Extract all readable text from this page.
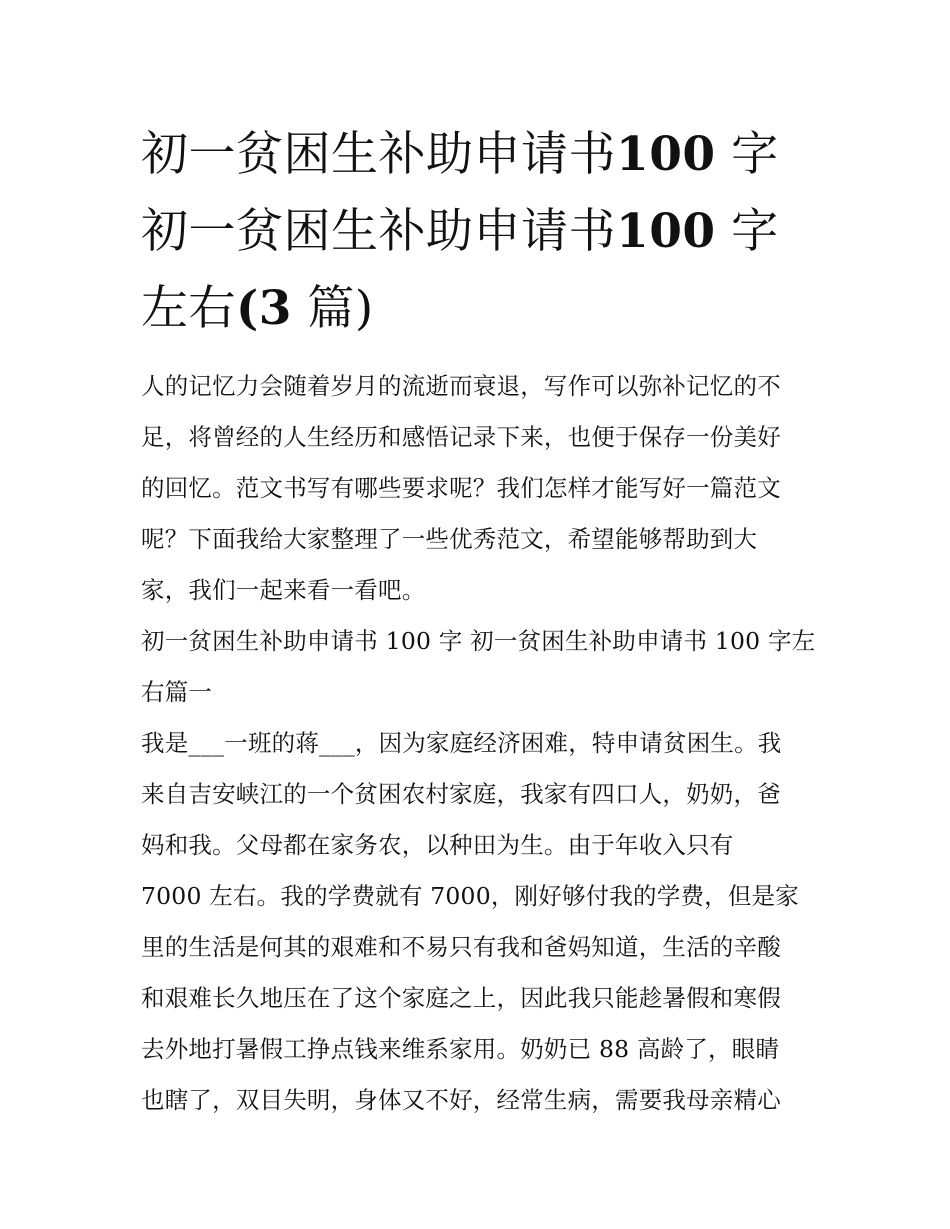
初一贫困生补助申请书100 字
初一贫困生补助申请书100 字
左右(3 篇)

人的记忆力会随着岁月的流逝而衰退，写作可以弥补记忆的不
足，将曾经的人生经历和感悟记录下来，也便于保存一份美好
的回忆。范文书写有哪些要求呢？我们怎样才能写好一篇范文
呢？下面我给大家整理了一些优秀范文，希望能够帮助到大
家，我们一起来看一看吧。

初一贫困生补助申请书 100 字 初一贫困生补助申请书 100 字左
右篇一

我是___一班的蒋___，因为家庭经济困难，特申请贫困生。我
来自吉安峡江的一个贫困农村家庭，我家有四口人，奶奶，爸
妈和我。父母都在家务农，以种田为生。由于年收入只有
7000 左右。我的学费就有 7000，刚好够付我的学费，但是家
里的生活是何其的艰难和不易只有我和爸妈知道，生活的辛酸
和艰难长久地压在了这个家庭之上，因此我只能趁暑假和寒假
去外地打暑假工挣点钱来维系家用。奶奶已 88 高龄了，眼睛
也瞎了，双目失明，身体又不好，经常生病，需要我母亲精心
